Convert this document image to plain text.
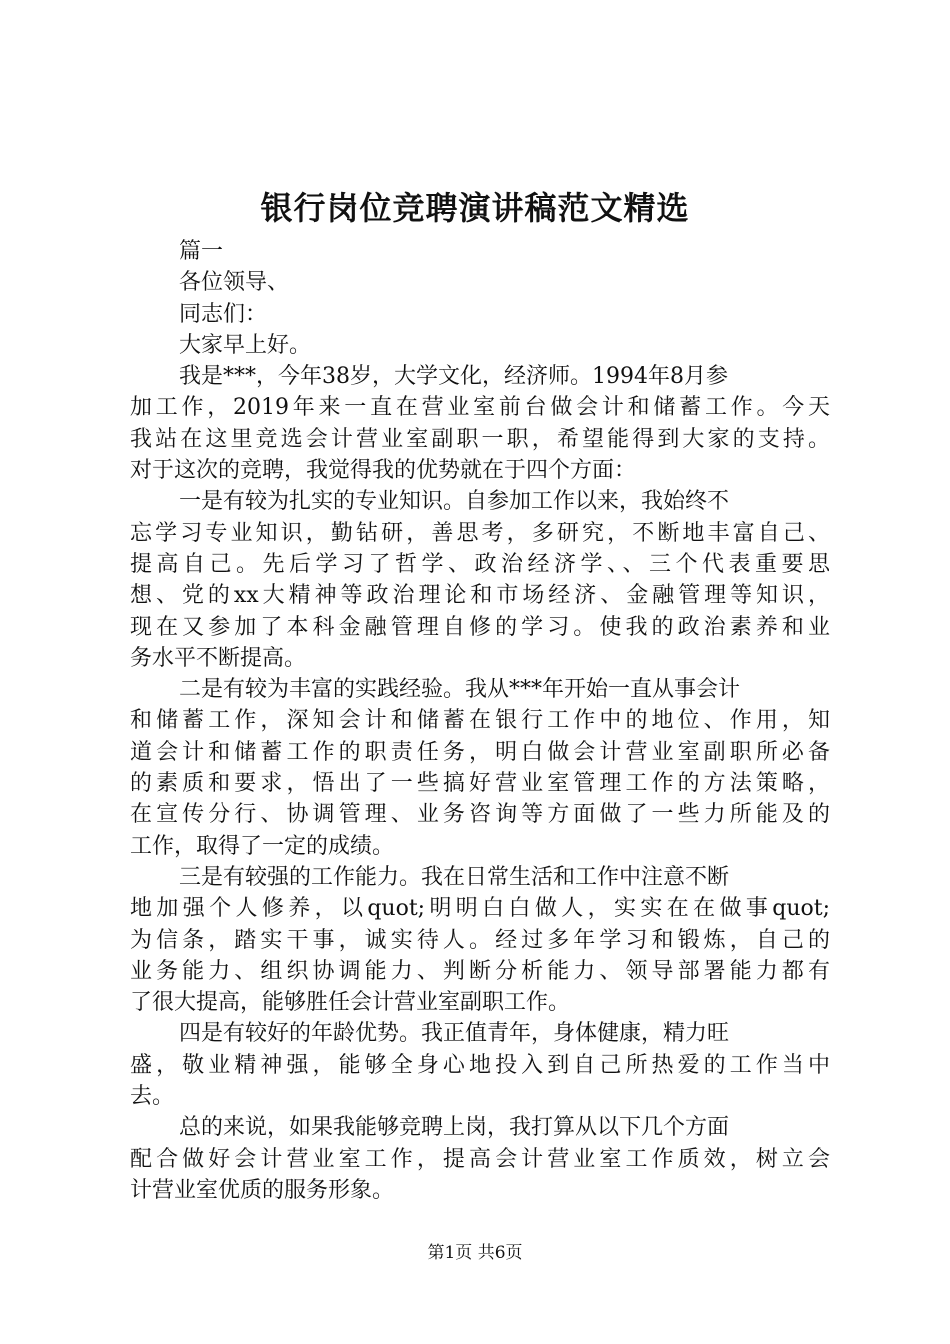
银行岗位竞聘演讲稿范文精选

篇一

各位领导、

同志们：

大家早上好。

我是***，今年38岁，大学文化，经济师。1994年8月参

加工作，2019年来一直在营业室前台做会计和储蓄工作。今天

我站在这里竞选会计营业室副职一职，希望能得到大家的支持。

对于这次的竞聘，我觉得我的优势就在于四个方面：

一是有较为扎实的专业知识。自参加工作以来，我始终不

忘学习专业知识，勤钻研，善思考，多研究，不断地丰富自己、

提高自己。先后学习了哲学、政治经济学、、三个代表重要思

想、党的xx大精神等政治理论和市场经济、金融管理等知识，

现在又参加了本科金融管理自修的学习。使我的政治素养和业

务水平不断提高。

二是有较为丰富的实践经验。我从***年开始一直从事会计

和储蓄工作，深知会计和储蓄在银行工作中的地位、作用，知

道会计和储蓄工作的职责任务，明白做会计营业室副职所必备

的素质和要求，悟出了一些搞好营业室管理工作的方法策略，

在宣传分行、协调管理、业务咨询等方面做了一些力所能及的

工作，取得了一定的成绩。

三是有较强的工作能力。我在日常生活和工作中注意不断

地加强个人修养，以quot;明明白白做人，实实在在做事quot;

为信条，踏实干事，诚实待人。经过多年学习和锻炼，自己的

业务能力、组织协调能力、判断分析能力、领导部署能力都有

了很大提高，能够胜任会计营业室副职工作。

四是有较好的年龄优势。我正值青年，身体健康，精力旺

盛，敬业精神强，能够全身心地投入到自己所热爱的工作当中

去。

总的来说，如果我能够竞聘上岗，我打算从以下几个方面

配合做好会计营业室工作，提高会计营业室工作质效，树立会

计营业室优质的服务形象。

第1页 共6页
